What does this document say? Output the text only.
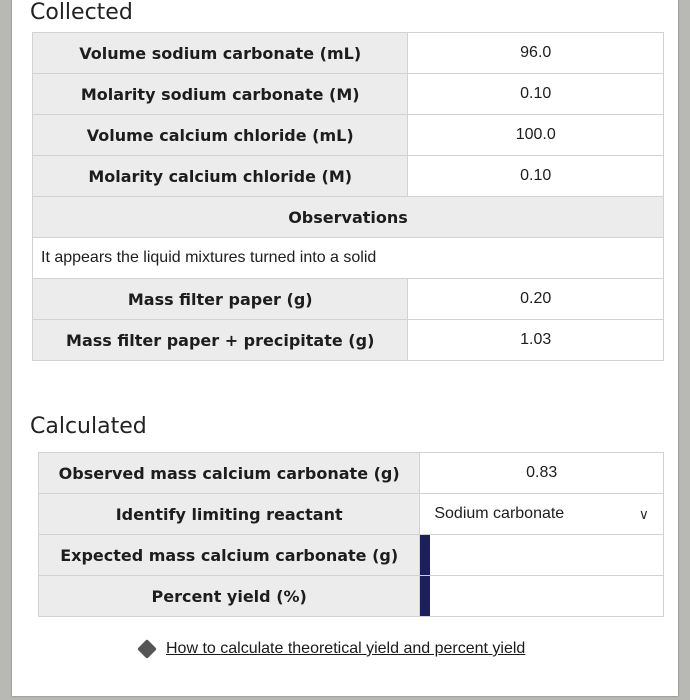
Collected
Volume sodium carbonate (mL)	96.0
Molarity sodium carbonate (M)	0.10
Volume calcium chloride (mL)	100.0
Molarity calcium chloride (M)	0.10
Observations	
It appears the liquid mixtures turned into a solid	
Mass filter paper (g)	0.20
Mass filter paper + precipitate (g)	1.03
Calculated
Observed mass calcium carbonate (g)	0.83
Identify limiting reactant	Sodium carbonate ∨

Expected mass calcium carbonate (g)	

Percent yield (%)	
How to calculate theoretical yield and percent yield
